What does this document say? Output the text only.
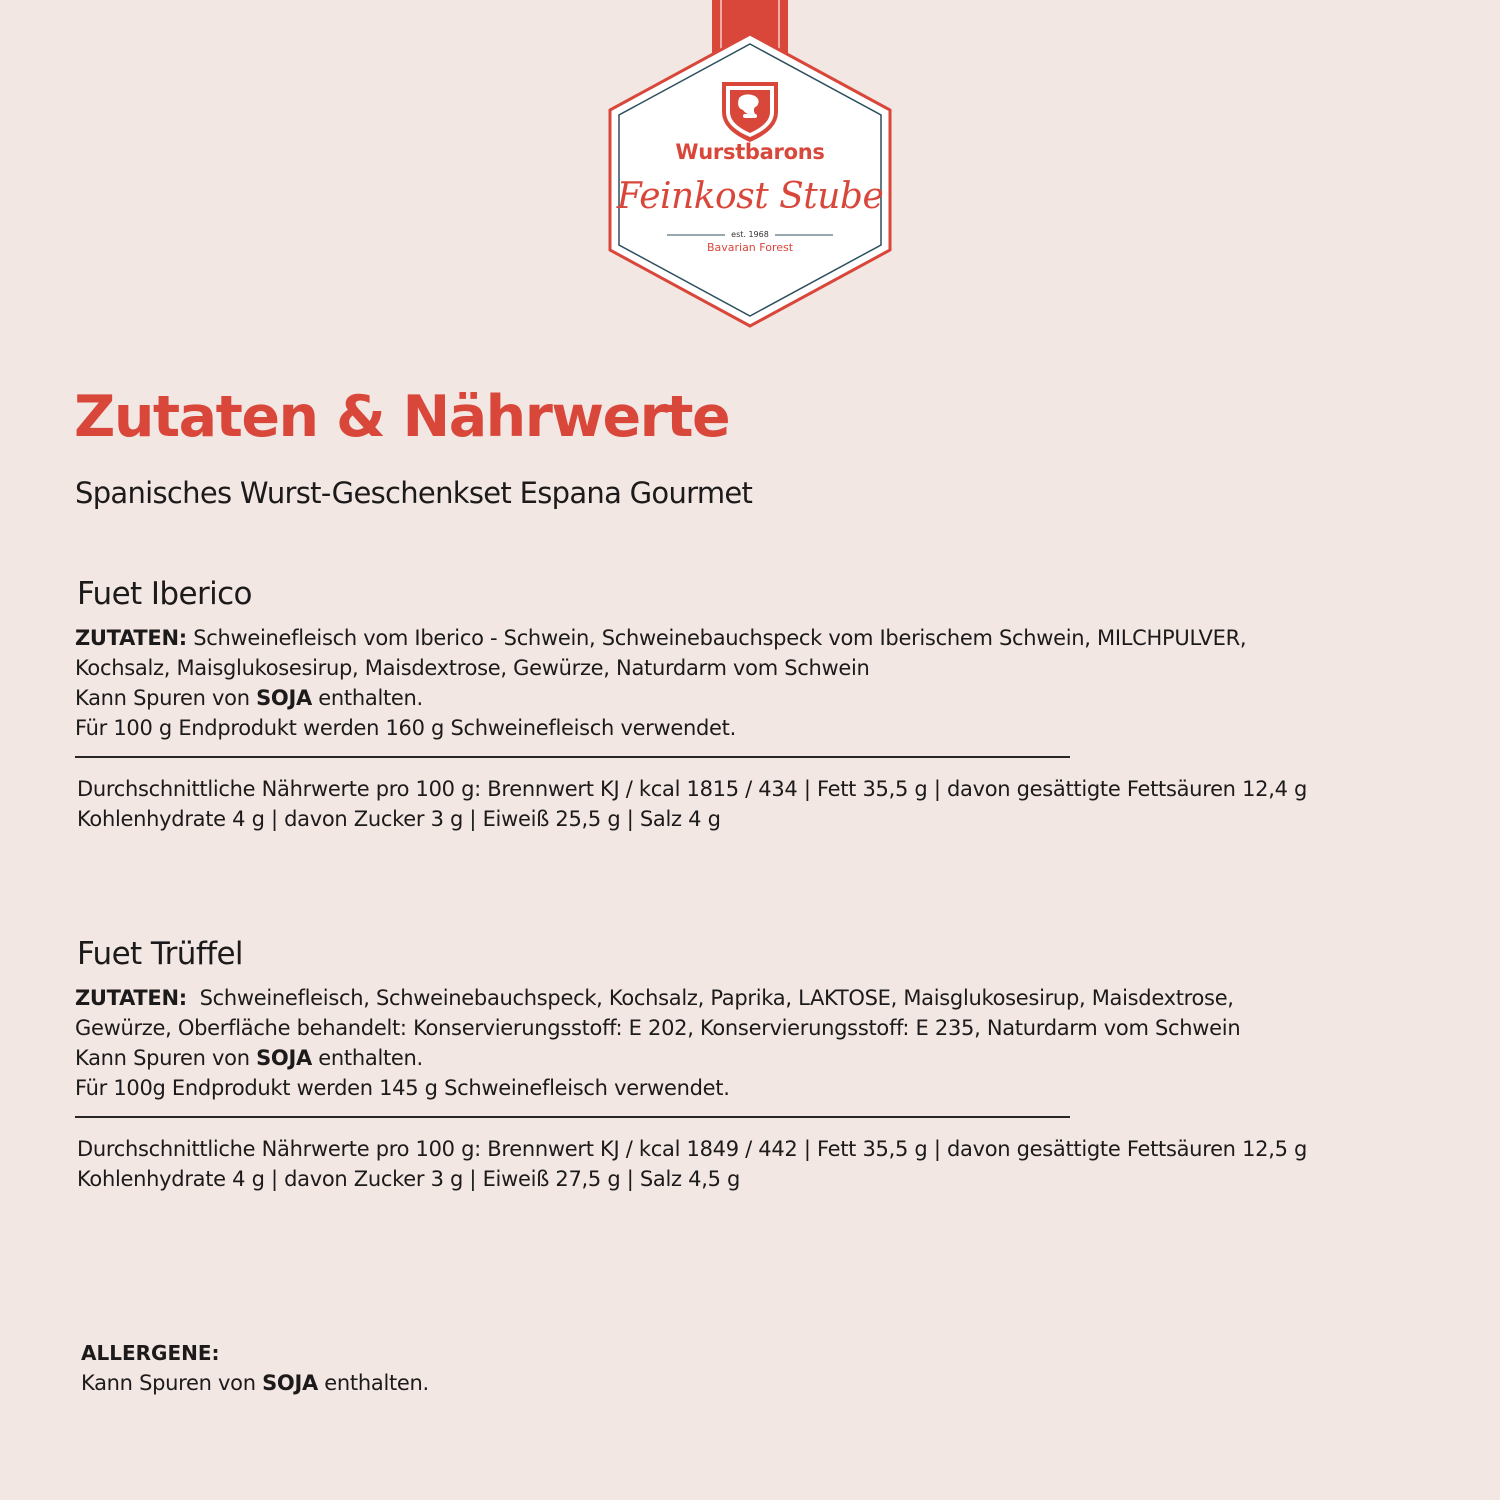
Wurstbarons
Feinkost Stube
est. 1968
Bavarian Forest
Zutaten & Nährwerte
Spanisches Wurst-Geschenkset Espana Gourmet
Fuet Iberico
ZUTATEN: Schweinefleisch vom Iberico - Schwein, Schweinebauchspeck vom Iberischem Schwein, MILCHPULVER,
Kochsalz, Maisglukosesirup, Maisdextrose, Gewürze, Naturdarm vom Schwein
Kann Spuren von SOJA enthalten.
Für 100 g Endprodukt werden 160 g Schweinefleisch verwendet.
Durchschnittliche Nährwerte pro 100 g: Brennwert KJ / kcal 1815 / 434 | Fett 35,5 g | davon gesättigte Fettsäuren 12,4 g
Kohlenhydrate 4 g | davon Zucker 3 g | Eiweiß 25,5 g | Salz 4 g
Fuet Trüffel
ZUTATEN:  Schweinefleisch, Schweinebauchspeck, Kochsalz, Paprika, LAKTOSE, Maisglukosesirup, Maisdextrose,
Gewürze, Oberfläche behandelt: Konservierungsstoff: E 202, Konservierungsstoff: E 235, Naturdarm vom Schwein
Kann Spuren von SOJA enthalten.
Für 100g Endprodukt werden 145 g Schweinefleisch verwendet.
Durchschnittliche Nährwerte pro 100 g: Brennwert KJ / kcal 1849 / 442 | Fett 35,5 g | davon gesättigte Fettsäuren 12,5 g
Kohlenhydrate 4 g | davon Zucker 3 g | Eiweiß 27,5 g | Salz 4,5 g
ALLERGENE:
Kann Spuren von SOJA enthalten.
